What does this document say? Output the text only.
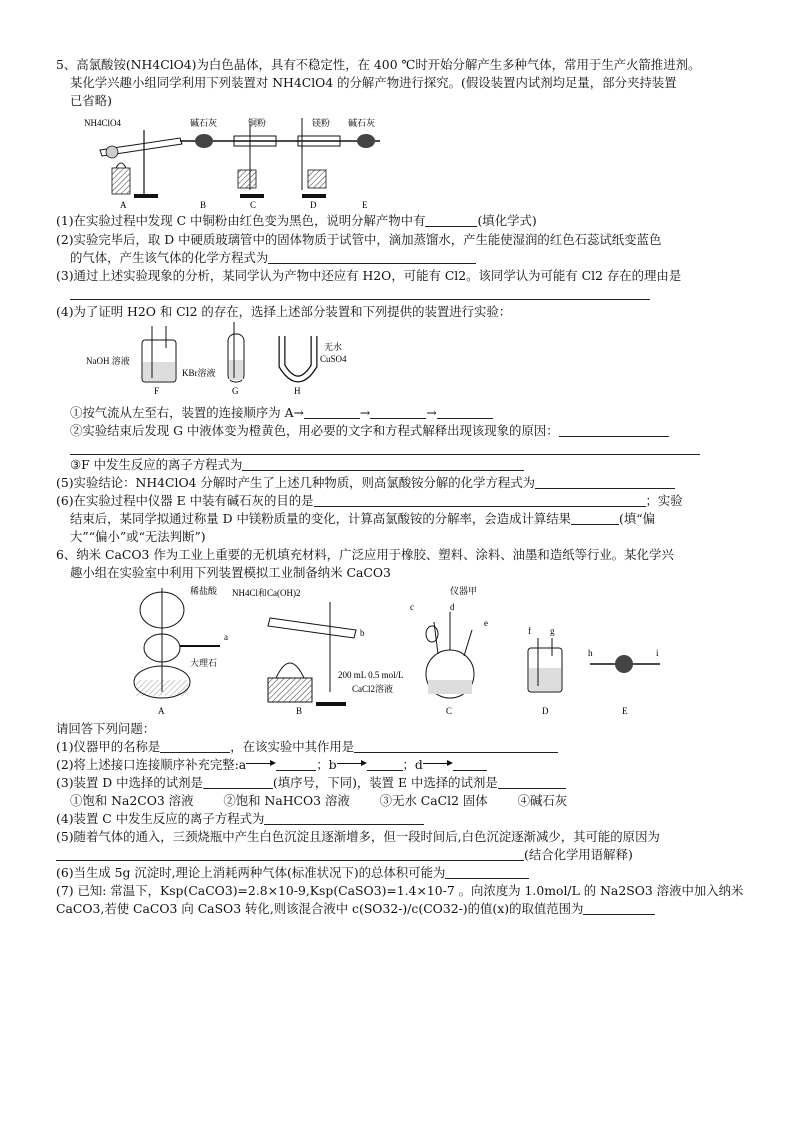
5、高氯酸铵(NH4ClO4)为白色晶体，具有不稳定性，在 400 ℃时开始分解产生多种气体，常用于生产火箭推进剂。
某化学兴趣小组同学利用下列装置对 NH4ClO4 的分解产物进行探究。(假设装置内试剂均足量，部分夹持装置
已省略)
NH4ClO4	碱石灰	铜粉	镁粉 碱石灰
A	B	C	D	E
(1)在实验过程中发现 C 中铜粉由红色变为黑色，说明分解产物中有	(填化学式)
(2)实验完毕后，取 D 中硬质玻璃管中的固体物质于试管中，滴加蒸馏水，产生能使湿润的红色石蕊试纸变蓝色
的气体，产生该气体的化学方程式为
(3)通过上述实验现象的分析，某同学认为产物中还应有 H2O，可能有 Cl2。该同学认为可能有 Cl2 存在的理由是
(4)为了证明 H2O 和 Cl2 的存在，选择上述部分装置和下列提供的装置进行实验：
NaOH 溶液
KBr溶液
无水
CuSO4
F	G	H
①按气流从左至右，装置的连接顺序为 A→	→	→
②实验结束后发现 G 中液体变为橙黄色，用必要的文字和方程式解释出现该现象的原因：
③F 中发生反应的离子方程式为
(5)实验结论：NH4ClO4 分解时产生了上述几种物质，则高氯酸铵分解的化学方程式为
(6)在实验过程中仪器 E 中装有碱石灰的目的是	；实验
结束后，某同学拟通过称量 D 中镁粉质量的变化，计算高氯酸铵的分解率，会造成计算结果	(填“偏
大”“偏小”或“无法判断”)
6、纳米 CaCO3 作为工业上重要的无机填充材料，广泛应用于橡胶、塑料、涂料、油墨和造纸等行业。某化学兴
趣小组在实验室中利用下列装置模拟工业制备纳米 CaCO3
稀盐酸
大理石
a
NH4Cl和Ca(OH)2
b
仪器甲
c	d
e
200 mL 0.5 mol/L
CaCl2溶液
f g
h	i
A	B	C	D	E
请回答下列问题：
(1)仪器甲的名称是	，在该实验中其作用是
(2)将上述接口连接顺序补充完整:a	；b	；d
(3)装置 D 中选择的试剂是	(填序号，下同)，装置 E 中选择的试剂是
①饱和 Na2CO3 溶液 ②饱和 NaHCO3 溶液 ③无水 CaCl2 固体 ④碱石灰
(4)装置 C 中发生反应的离子方程式为
(5)随着气体的通入，三颈烧瓶中产生白色沉淀且逐渐增多，但一段时间后,白色沉淀逐渐减少，其可能的原因为
(结合化学用语解释)
(6)当生成 5g 沉淀时,理论上消耗两种气体(标准状况下)的总体积可能为
(7) 已知: 常温下，Ksp(CaCO3)=2.8×10-9,Ksp(CaSO3)=1.4×10-7 。向浓度为 1.0mol/L 的 Na2SO3 溶液中加入纳米
CaCO3,若使 CaCO3 向 CaSO3 转化,则该混合液中 c(SO32-)/c(CO32-)的值(x)的取值范围为
